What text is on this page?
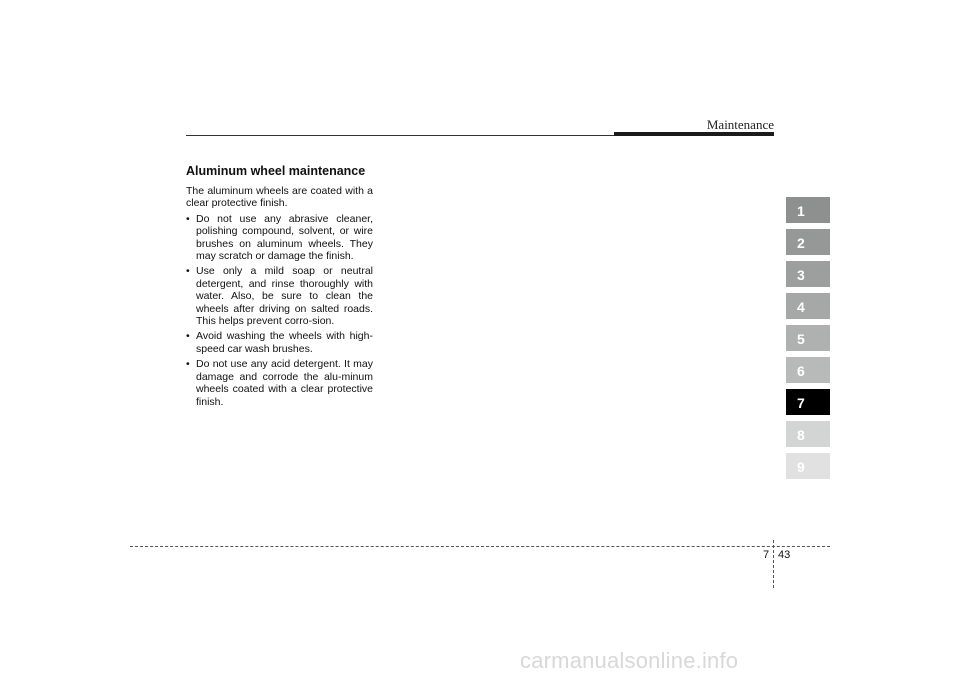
Maintenance
Aluminum wheel maintenance

The aluminum wheels are coated with a clear protective finish.

• Do not use any abrasive cleaner, polishing compound, solvent, or wire brushes on aluminum wheels. They may scratch or damage the finish.
• Use only a mild soap or neutral detergent, and rinse thoroughly with water. Also, be sure to clean the wheels after driving on salted roads. This helps prevent corro-sion.
• Avoid washing the wheels with high-speed car wash brushes.
• Do not use any acid detergent. It may damage and corrode the alu-minum wheels coated with a clear protective finish.
1
2
3
4
5
6
7
8
9
7 43
carmanualsonline.info
